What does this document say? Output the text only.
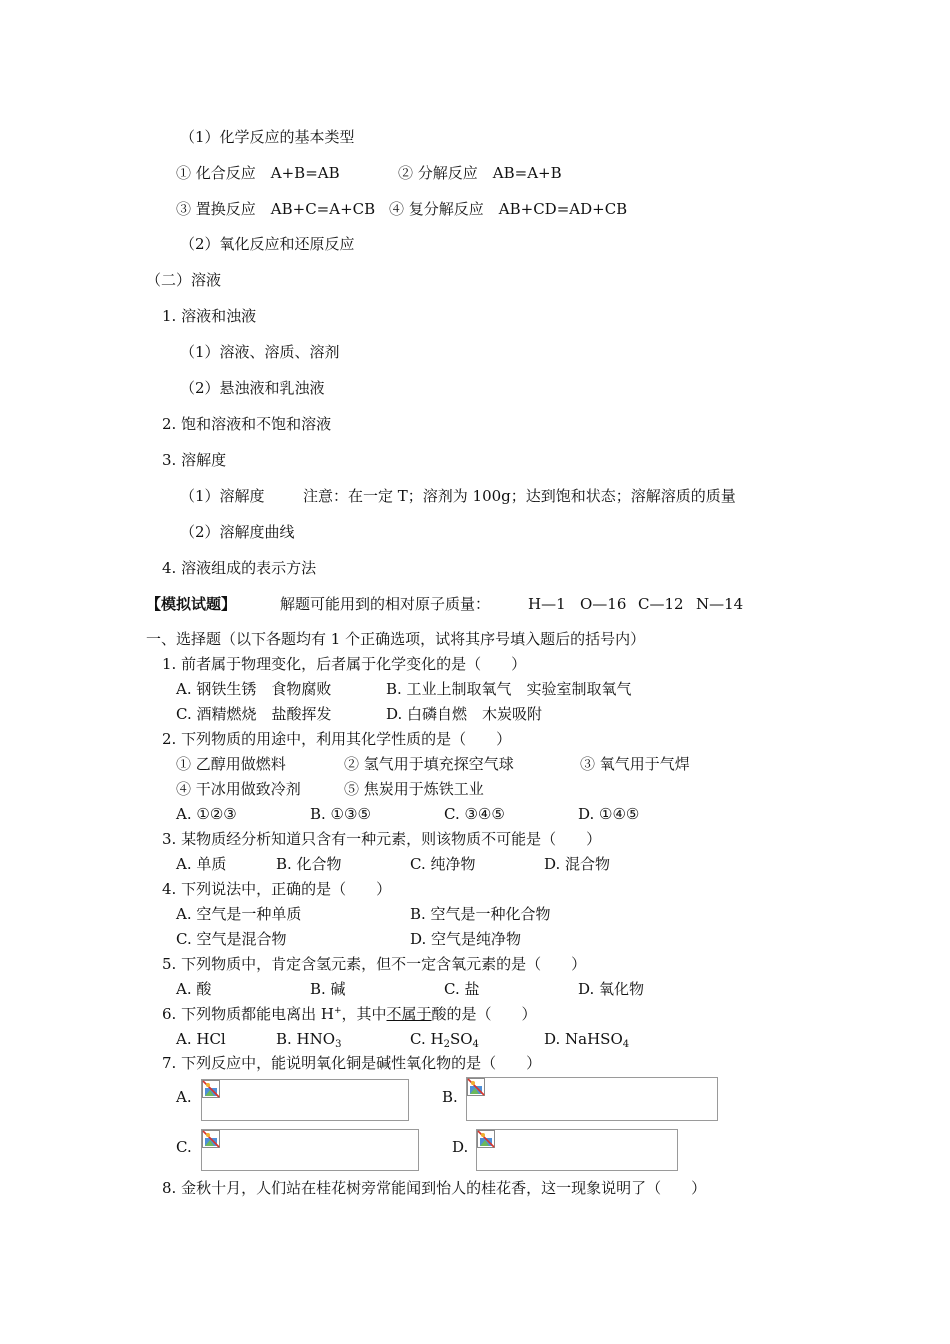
（1）化学反应的基本类型
① 化合反应　A+B=AB	② 分解反应　AB=A+B
③ 置换反应　AB+C=A+CB ④ 复分解反应　AB+CD=AD+CB
（2）氧化反应和还原反应
（二）溶液
1. 溶液和浊液
（1）溶液、溶质、溶剂
（2）悬浊液和乳浊液
2. 饱和溶液和不饱和溶液
3. 溶解度
（1）溶解度	注意：在一定 T；溶剂为 100g；达到饱和状态；溶解溶质的质量
（2）溶解度曲线
4. 溶液组成的表示方法
【模拟试题】	解题可能用到的相对原子质量：	H—1 O—16 C—12 N—14
一、选择题（以下各题均有 1 个正确选项，试将其序号填入题后的括号内）
1. 前者属于物理变化，后者属于化学变化的是（　　）
A. 钢铁生锈　食物腐败	B. 工业上制取氧气　实验室制取氧气
C. 酒精燃烧　盐酸挥发	D. 白磷自燃　木炭吸附
2. 下列物质的用途中，利用其化学性质的是（　　）
① 乙醇用做燃料	② 氢气用于填充探空气球	③ 氧气用于气焊
④ 干冰用做致冷剂	⑤ 焦炭用于炼铁工业
A. ①②③	B. ①③⑤	C. ③④⑤	D. ①④⑤
3. 某物质经分析知道只含有一种元素，则该物质不可能是（　　）
A. 单质	B. 化合物	C. 纯净物	D. 混合物
4. 下列说法中，正确的是（　　）
A. 空气是一种单质	B. 空气是一种化合物
C. 空气是混合物	D. 空气是纯净物
5. 下列物质中，肯定含氢元素，但不一定含氧元素的是（　　）
A. 酸	B. 碱	C. 盐	D. 氧化物
6. 下列物质都能电离出 H+，其中不属于酸的是（　　）
A. HCl	B. $HNO_3$	C. $H_2SO_4$	D. NaHSO$_4$
7. 下列反应中，能说明氧化铜是碱性氧化物的是（　　）
A.	B.
C.	D.
8. 金秋十月，人们站在桂花树旁常能闻到怡人的桂花香，这一现象说明了（　　）
